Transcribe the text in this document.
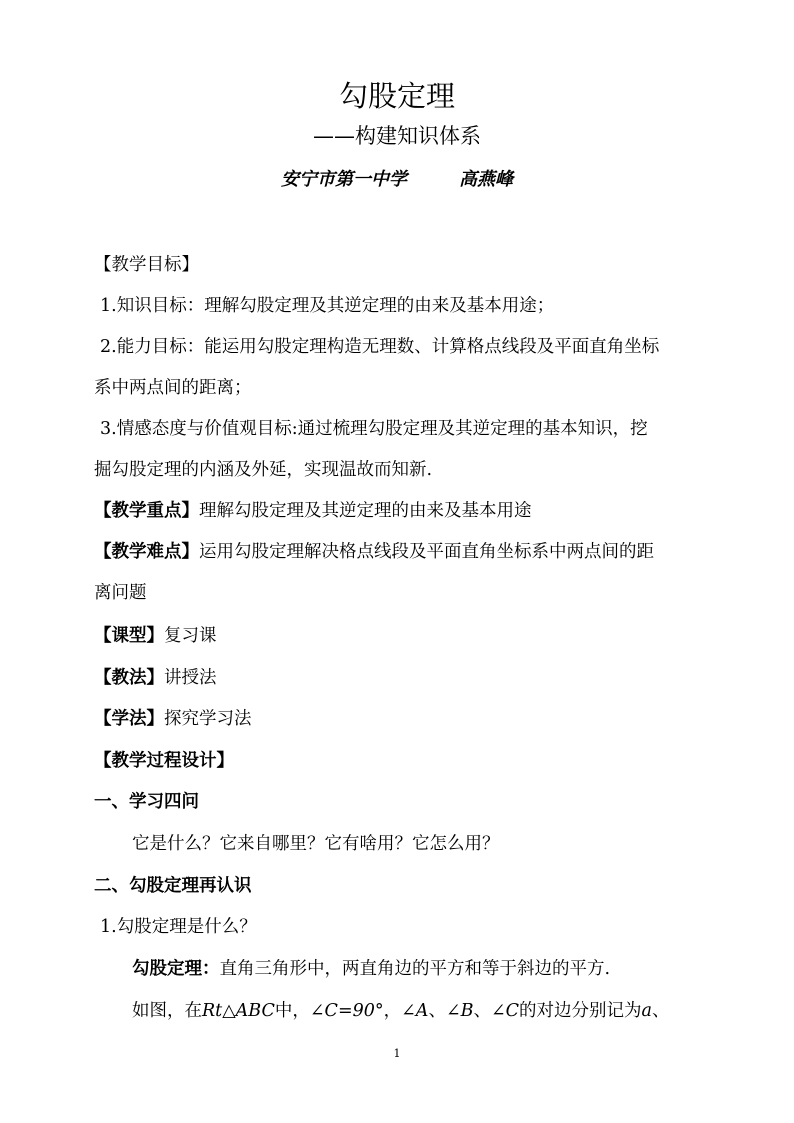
勾股定理
——构建知识体系
安宁市第一中学	高燕峰
【教学目标】
1.知识目标：理解勾股定理及其逆定理的由来及基本用途；
2.能力目标：能运用勾股定理构造无理数、计算格点线段及平面直角坐标
系中两点间的距离；
3.情感态度与价值观目标:通过梳理勾股定理及其逆定理的基本知识，挖
掘勾股定理的内涵及外延，实现温故而知新.
【教学重点】理解勾股定理及其逆定理的由来及基本用途
【教学难点】运用勾股定理解决格点线段及平面直角坐标系中两点间的距
离问题
【课型】复习课
【教法】讲授法
【学法】探究学习法
【教学过程设计】
一、学习四问
它是什么？它来自哪里？它有啥用？它怎么用？
二、勾股定理再认识
1.勾股定理是什么？
勾股定理：直角三角形中，两直角边的平方和等于斜边的平方.
如图，在Rt△ABC中，∠C=90°，∠A、∠B、∠C的对边分别记为a、
1
